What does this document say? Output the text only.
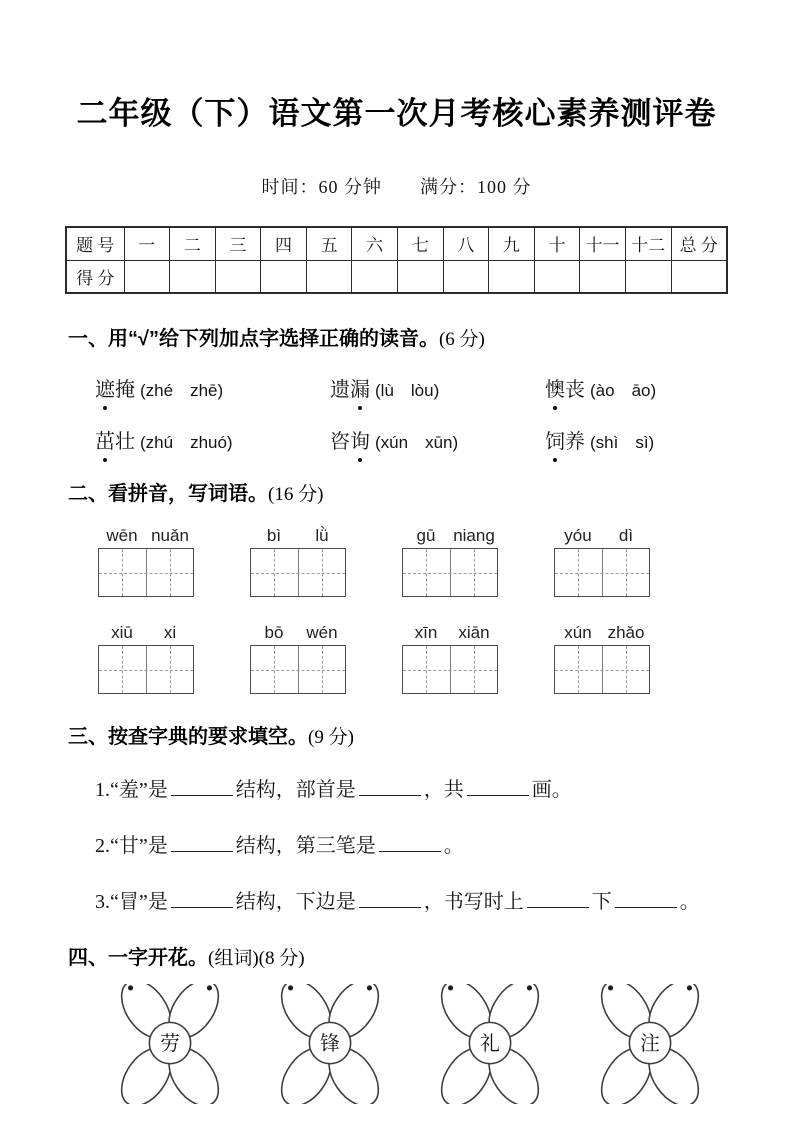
二年级（下）语文第一次月考核心素养测评卷
时间：60 分钟　　满分：100 分
题 号	一	二	三	四	五	六	七	八	九	十	十一	十二	总 分
得 分													
一、用“√”给下列加点字选择正确的读音。(6 分)
遮掩 (zhé　zhē)	遗漏 (lù　lòu)	懊丧 (ào　āo)
茁壮 (zhú　zhuó)	咨询 (xún　xūn)	饲养 (shì　sì)
二、看拼音，写词语。(16 分)
wēn nuǎn	bì	lǜ	gū	niang	yóu	dì
xiū	xi	bō	wén	xīn	xiān	xún zhǎo
三、按查字典的要求填空。(9 分)
1.“羞”是	结构，部首是	，共	画。
2.“甘”是	结构，第三笔是	。
3.“冒”是	结构，下边是	，书写时上	下	。
四、一字开花。(组词)(8 分)
劳	锋	礼	注
